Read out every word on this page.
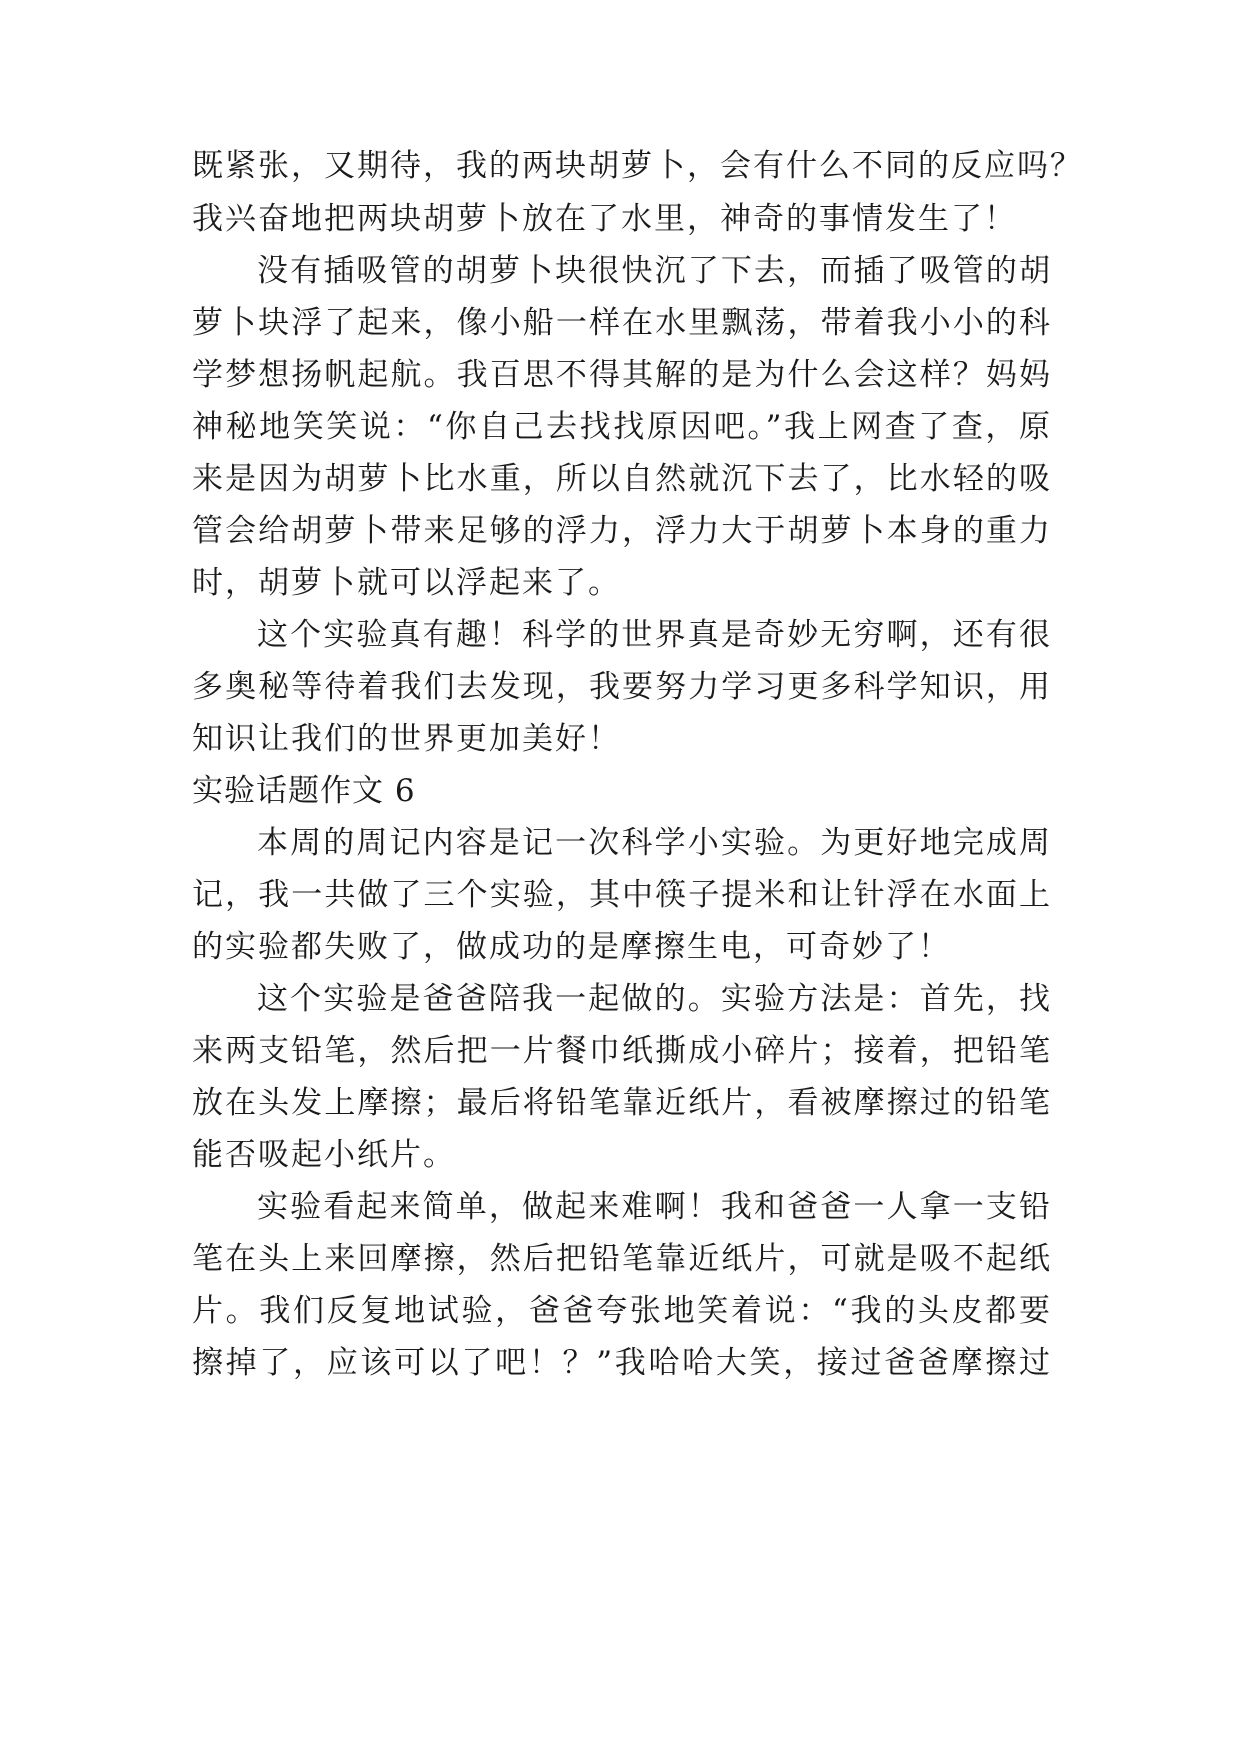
既紧张，又期待，我的两块胡萝卜，会有什么不同的反应吗？
我兴奋地把两块胡萝卜放在了水里，神奇的事情发生了！
没有插吸管的胡萝卜块很快沉了下去，而插了吸管的胡
萝卜块浮了起来，像小船一样在水里飘荡，带着我小小的科
学梦想扬帆起航。我百思不得其解的是为什么会这样？妈妈
神秘地笑笑说：“你自己去找找原因吧。”我上网查了查，原
来是因为胡萝卜比水重，所以自然就沉下去了，比水轻的吸
管会给胡萝卜带来足够的浮力，浮力大于胡萝卜本身的重力
时，胡萝卜就可以浮起来了。
这个实验真有趣！科学的世界真是奇妙无穷啊，还有很
多奥秘等待着我们去发现，我要努力学习更多科学知识，用
知识让我们的世界更加美好！
实验话题作文 6
本周的周记内容是记一次科学小实验。为更好地完成周
记，我一共做了三个实验，其中筷子提米和让针浮在水面上
的实验都失败了，做成功的是摩擦生电，可奇妙了！
这个实验是爸爸陪我一起做的。实验方法是：首先，找
来两支铅笔，然后把一片餐巾纸撕成小碎片；接着，把铅笔
放在头发上摩擦；最后将铅笔靠近纸片，看被摩擦过的铅笔
能否吸起小纸片。
实验看起来简单，做起来难啊！我和爸爸一人拿一支铅
笔在头上来回摩擦，然后把铅笔靠近纸片，可就是吸不起纸
片。我们反复地试验，爸爸夸张地笑着说：“我的头皮都要
擦掉了，应该可以了吧！？”我哈哈大笑，接过爸爸摩擦过
